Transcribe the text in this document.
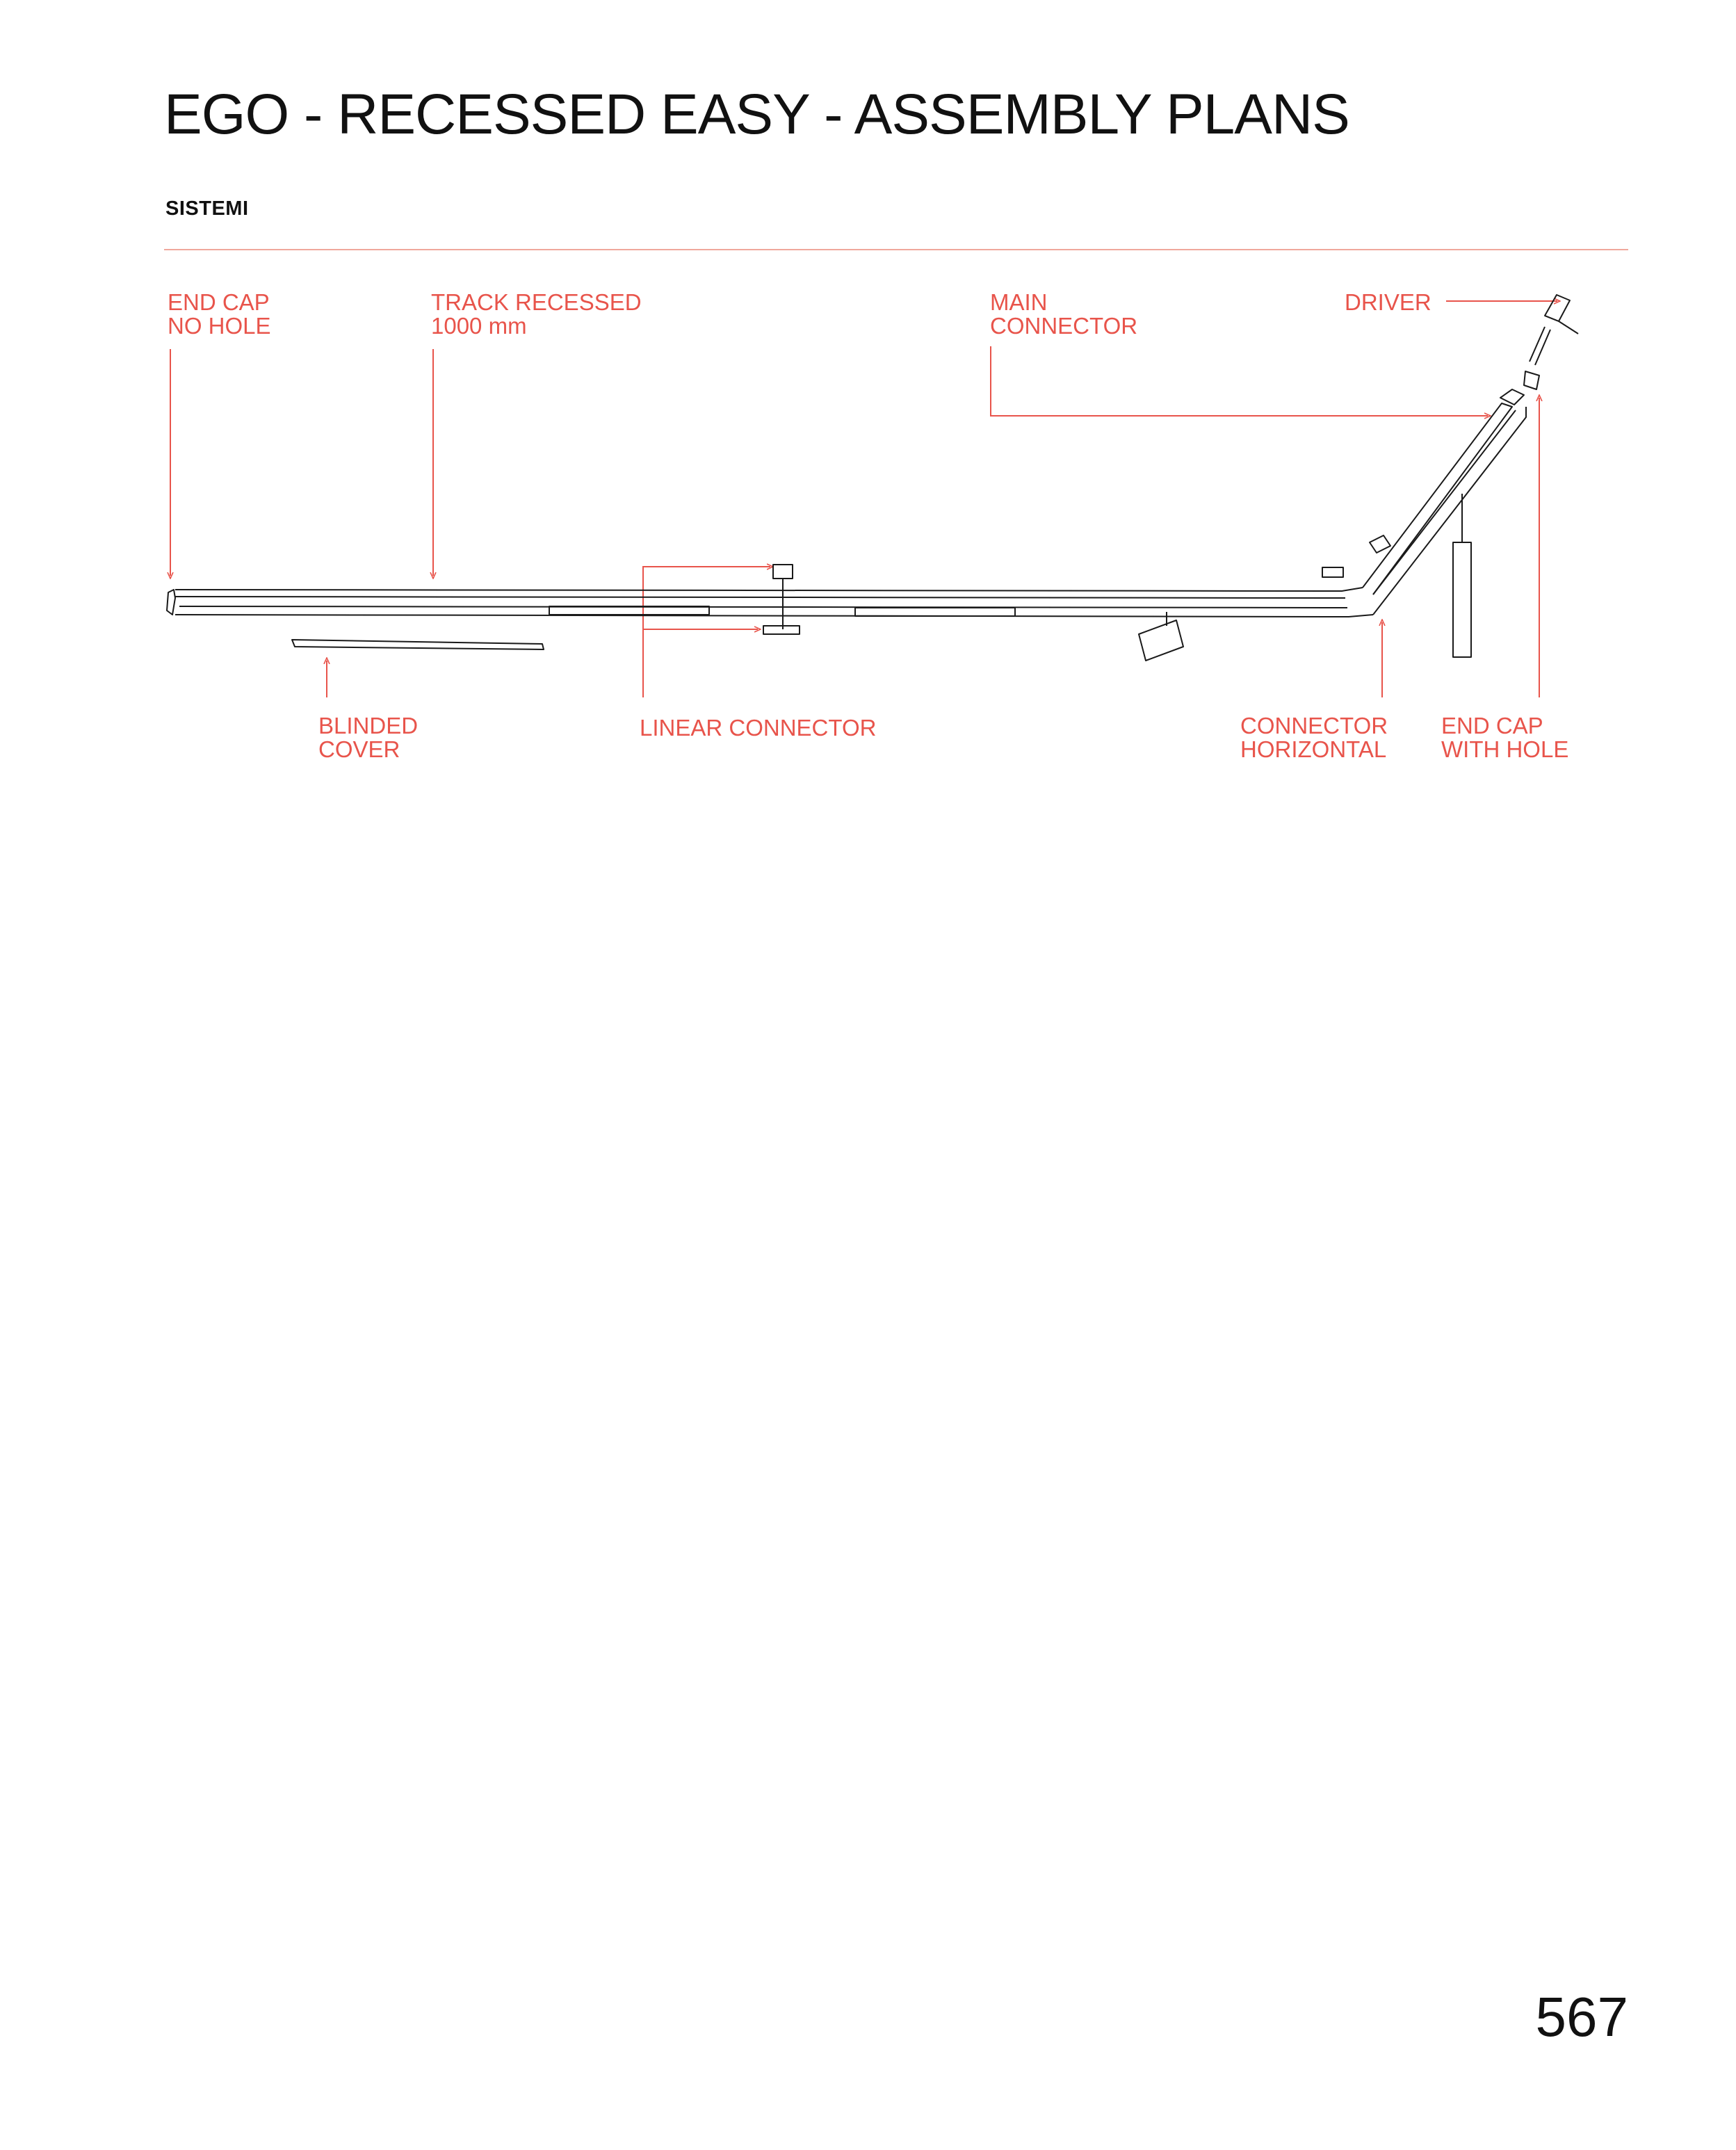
EGO - RECESSED EASY - ASSEMBLY PLANS
SISTEMI
END CAP
NO HOLE
TRACK RECESSED
1000 mm
MAIN
CONNECTOR
DRIVER
BLINDED
COVER
LINEAR CONNECTOR	CONNECTOR
HORIZONTAL
END CAP
WITH HOLE
567
